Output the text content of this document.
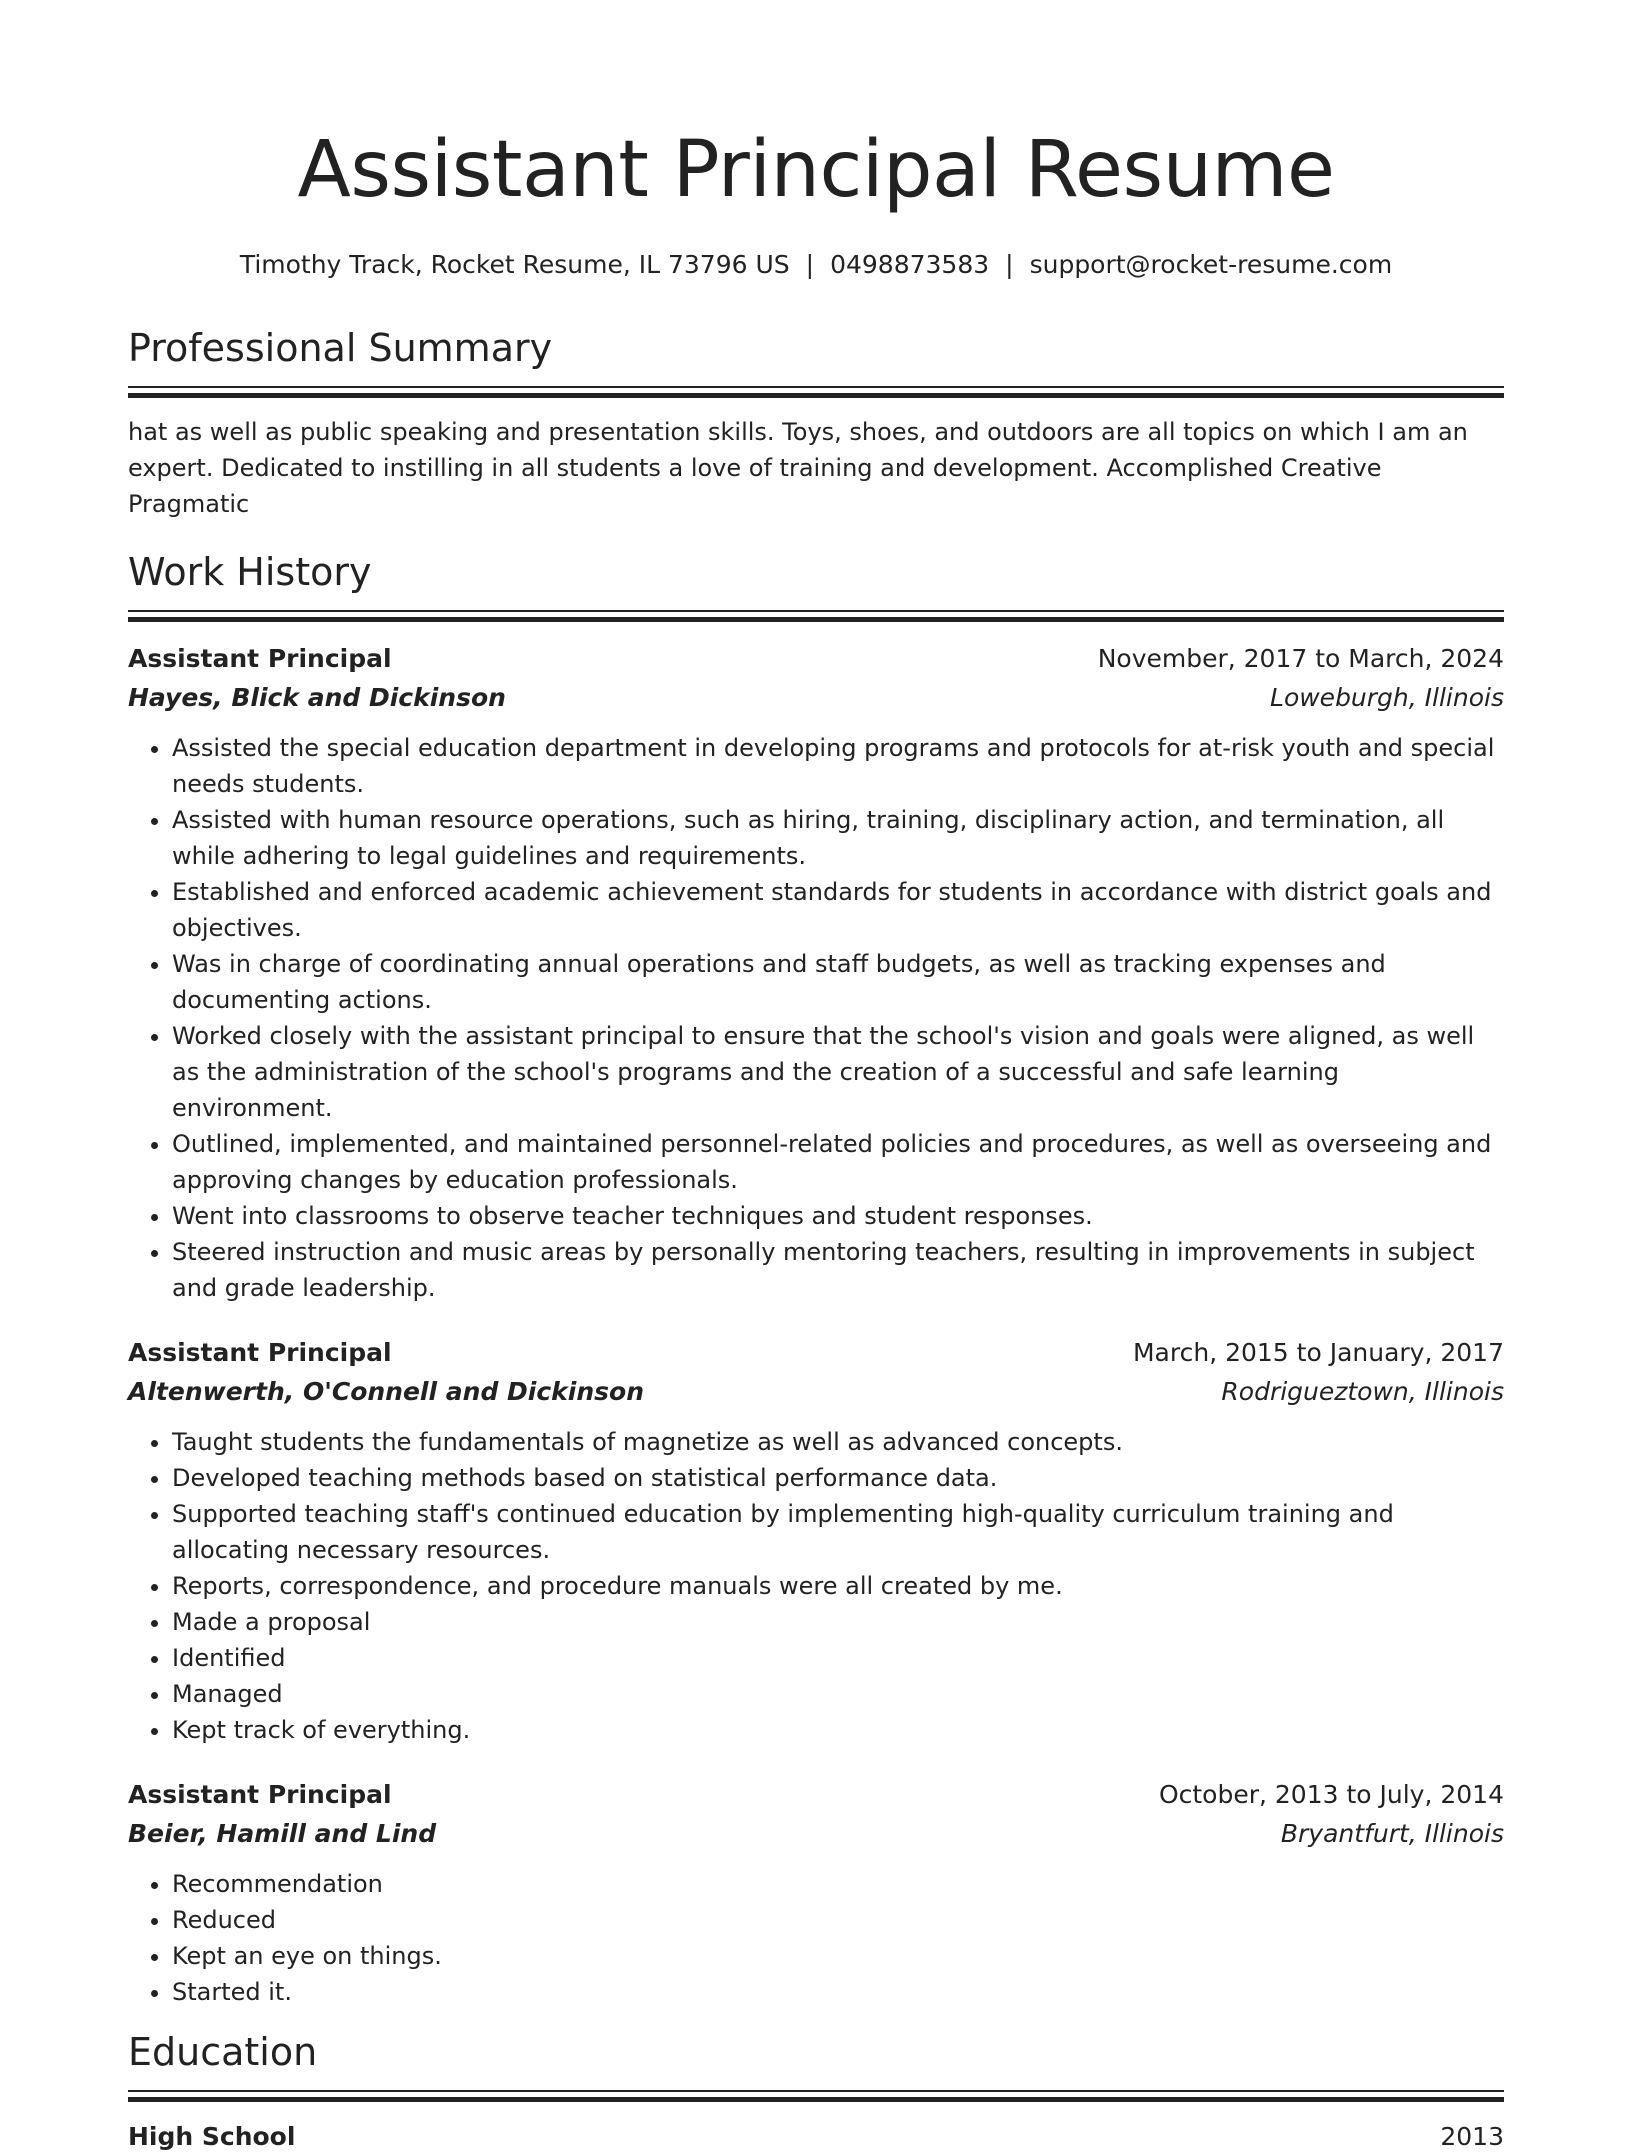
Assistant Principal Resume
Timothy Track, Rocket Resume, IL 73796 US | 0498873583 | support@rocket-resume.com
Professional Summary
hat as well as public speaking and presentation skills. Toys, shoes, and outdoors are all topics on which I am an expert. Dedicated to instilling in all students a love of training and development. Accomplished Creative Pragmatic
Work History
Assistant Principal	November, 2017 to March, 2024
Hayes, Blick and Dickinson	Loweburgh, Illinois
• Assisted the special education department in developing programs and protocols for at-risk youth and special needs students.
• Assisted with human resource operations, such as hiring, training, disciplinary action, and termination, all while adhering to legal guidelines and requirements.
• Established and enforced academic achievement standards for students in accordance with district goals and objectives.
• Was in charge of coordinating annual operations and staff budgets, as well as tracking expenses and documenting actions.
• Worked closely with the assistant principal to ensure that the school's vision and goals were aligned, as well as the administration of the school's programs and the creation of a successful and safe learning environment.
• Outlined, implemented, and maintained personnel-related policies and procedures, as well as overseeing and approving changes by education professionals.
• Went into classrooms to observe teacher techniques and student responses.
• Steered instruction and music areas by personally mentoring teachers, resulting in improvements in subject and grade leadership.
Assistant Principal	March, 2015 to January, 2017
Altenwerth, O'Connell and Dickinson	Rodrigueztown, Illinois
• Taught students the fundamentals of magnetize as well as advanced concepts.
• Developed teaching methods based on statistical performance data.
• Supported teaching staff's continued education by implementing high-quality curriculum training and allocating necessary resources.
• Reports, correspondence, and procedure manuals were all created by me.
• Made a proposal
• Identified
• Managed
• Kept track of everything.
Assistant Principal	October, 2013 to July, 2014
Beier, Hamill and Lind	Bryantfurt, Illinois
• Recommendation
• Reduced
• Kept an eye on things.
• Started it.
Education
High School	2013
